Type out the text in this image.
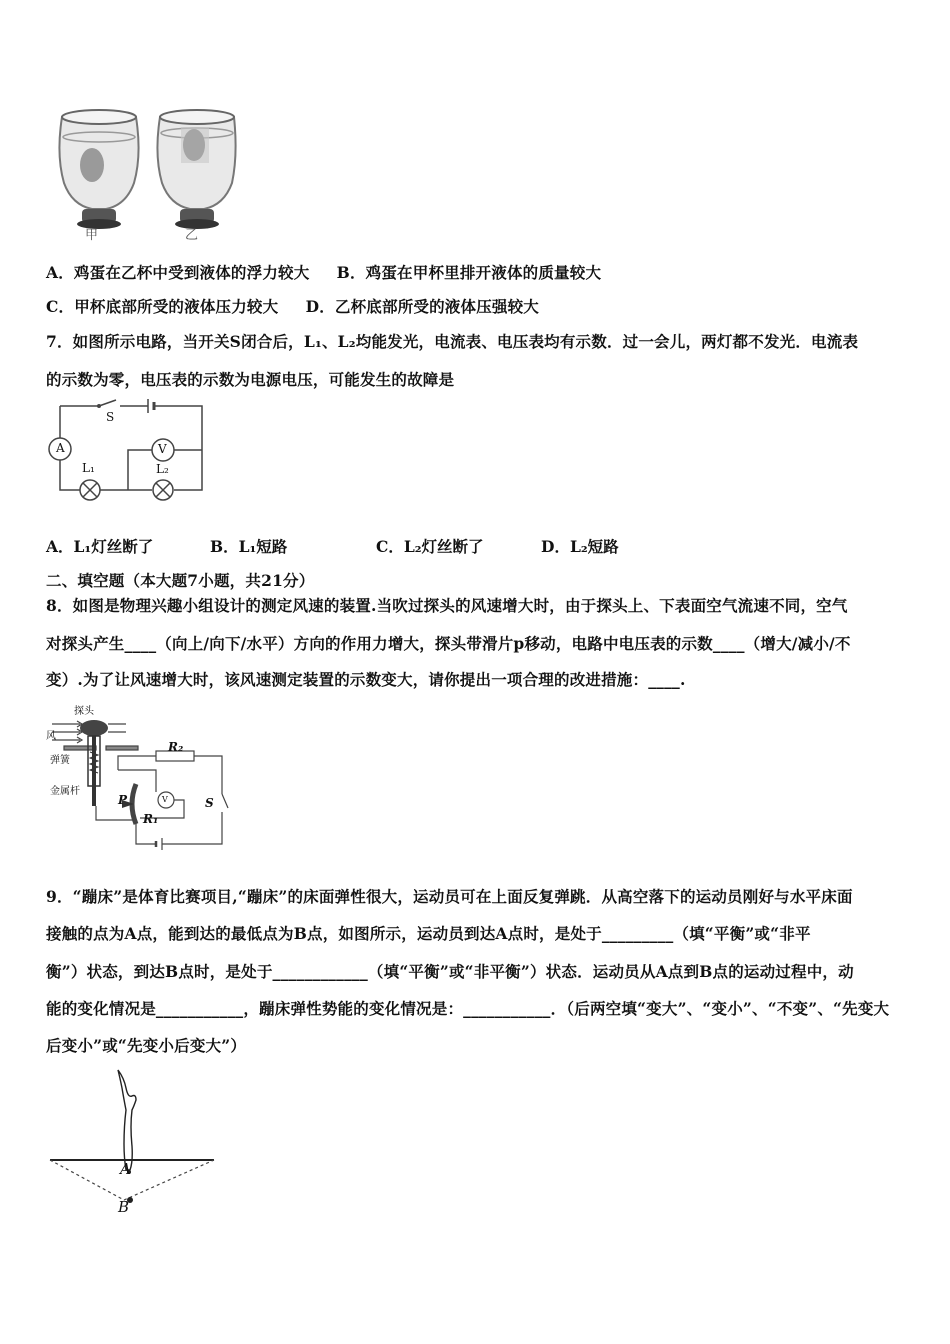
甲	乙
A．鸡蛋在乙杯中受到液体的浮力较大 B．鸡蛋在甲杯里排开液体的质量较大
C．甲杯底部所受的液体压力较大 D．乙杯底部所受的液体压强较大
7．如图所示电路，当开关S闭合后，L₁、L₂均能发光，电流表、电压表均有示数．过一会儿，两灯都不发光．电流表
的示数为零，电压表的示数为电源电压，可能发生的故障是
S
A	V
L₁	L₂
A．L₁灯丝断了	B．L₁短路	C．L₂灯丝断了	D．L₂短路
二、填空题（本大题7小题，共21分）
8．如图是物理兴趣小组设计的测定风速的装置.当吹过探头的风速增大时，由于探头上、下表面空气流速不同，空气
对探头产生____（向上/向下/水平）方向的作用力增大，探头带滑片p移动，电路中电压表的示数____（增大/减小/不
变）.为了让风速增大时，该风速测定装置的示数变大，请你提出一项合理的改进措施：____.
探头
风
弹簧
金属杆
R₂
P
R₁
S
V
9．“蹦床”是体育比赛项目,“蹦床”的床面弹性很大，运动员可在上面反复弹跳．从高空落下的运动员刚好与水平床面
接触的点为A点，能到达的最低点为B点，如图所示，运动员到达A点时，是处于_________（填“平衡”或“非平
衡”）状态，到达B点时，是处于____________（填“平衡”或“非平衡”）状态．运动员从A点到B点的运动过程中，动
能的变化情况是___________，蹦床弹性势能的变化情况是：___________．（后两空填“变大”、“变小”、“不变”、“先变大
后变小”或“先变小后变大”）
A
B
